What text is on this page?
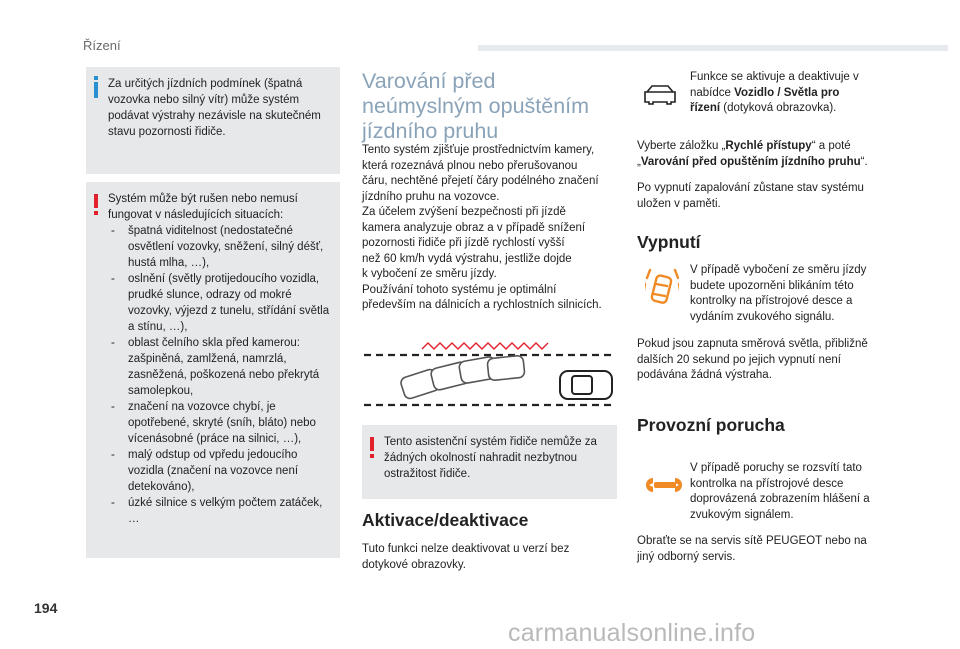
Řízení
Za určitých jízdních podmínek (špatná vozovka nebo silný vítr) může systém podávat výstrahy nezávisle na skutečném stavu pozornosti řidiče.
Systém může být rušen nebo nemusí fungovat v následujících situacích:
- špatná viditelnost (nedostatečné osvětlení vozovky, sněžení, silný déšť, hustá mlha, …),
- oslnění (světly protijedoucího vozidla, prudké slunce, odrazy od mokré vozovky, výjezd z tunelu, střídání světla a stínu, …),
- oblast čelního skla před kamerou: zašpiněná, zamlžená, namrzlá, zasněžená, poškozená nebo překrytá samolepkou,
- značení na vozovce chybí, je opotřebené, skryté (sníh, bláto) nebo vícenásobné (práce na silnici, …),
- malý odstup od vpředu jedoucího vozidla (značení na vozovce není detekováno),
- úzké silnice s velkým počtem zatáček, …
Varování před
neúmyslným opuštěním
jízdního pruhu
Tento systém zjišťuje prostřednictvím kamery,
která rozeznává plnou nebo přerušovanou
čáru, nechtěné přejetí čáry podélného značení
jízdního pruhu na vozovce.
Za účelem zvýšení bezpečnosti při jízdě
kamera analyzuje obraz a v případě snížení
pozornosti řidiče při jízdě rychlostí vyšší
než 60 km/h vydá výstrahu, jestliže dojde
k vybočení ze směru jízdy.
Používání tohoto systému je optimální
především na dálnicích a rychlostních silnicích.
Tento asistenční systém řidiče nemůže za žádných okolností nahradit nezbytnou ostražitost řidiče.
Aktivace/deaktivace
Tuto funkci nelze deaktivovat u verzí bez dotykové obrazovky.
Funkce se aktivuje a deaktivuje v nabídce Vozidlo / Světla pro řízení (dotyková obrazovka).
Vyberte záložku „Rychlé přístupy“ a poté „Varování před opuštěním jízdního pruhu“.
Po vypnutí zapalování zůstane stav systému uložen v paměti.
Vypnutí
V případě vybočení ze směru jízdy budete upozorněni blikáním této kontrolky na přístrojové desce a vydáním zvukového signálu.
Pokud jsou zapnuta směrová světla, přibližně dalších 20 sekund po jejich vypnutí není podávána žádná výstraha.
Provozní porucha
V případě poruchy se rozsvítí tato kontrolka na přístrojové desce doprovázená zobrazením hlášení a zvukovým signálem.
Obraťte se na servis sítě PEUGEOT nebo na jiný odborný servis.
194
carmanualsonline.info
